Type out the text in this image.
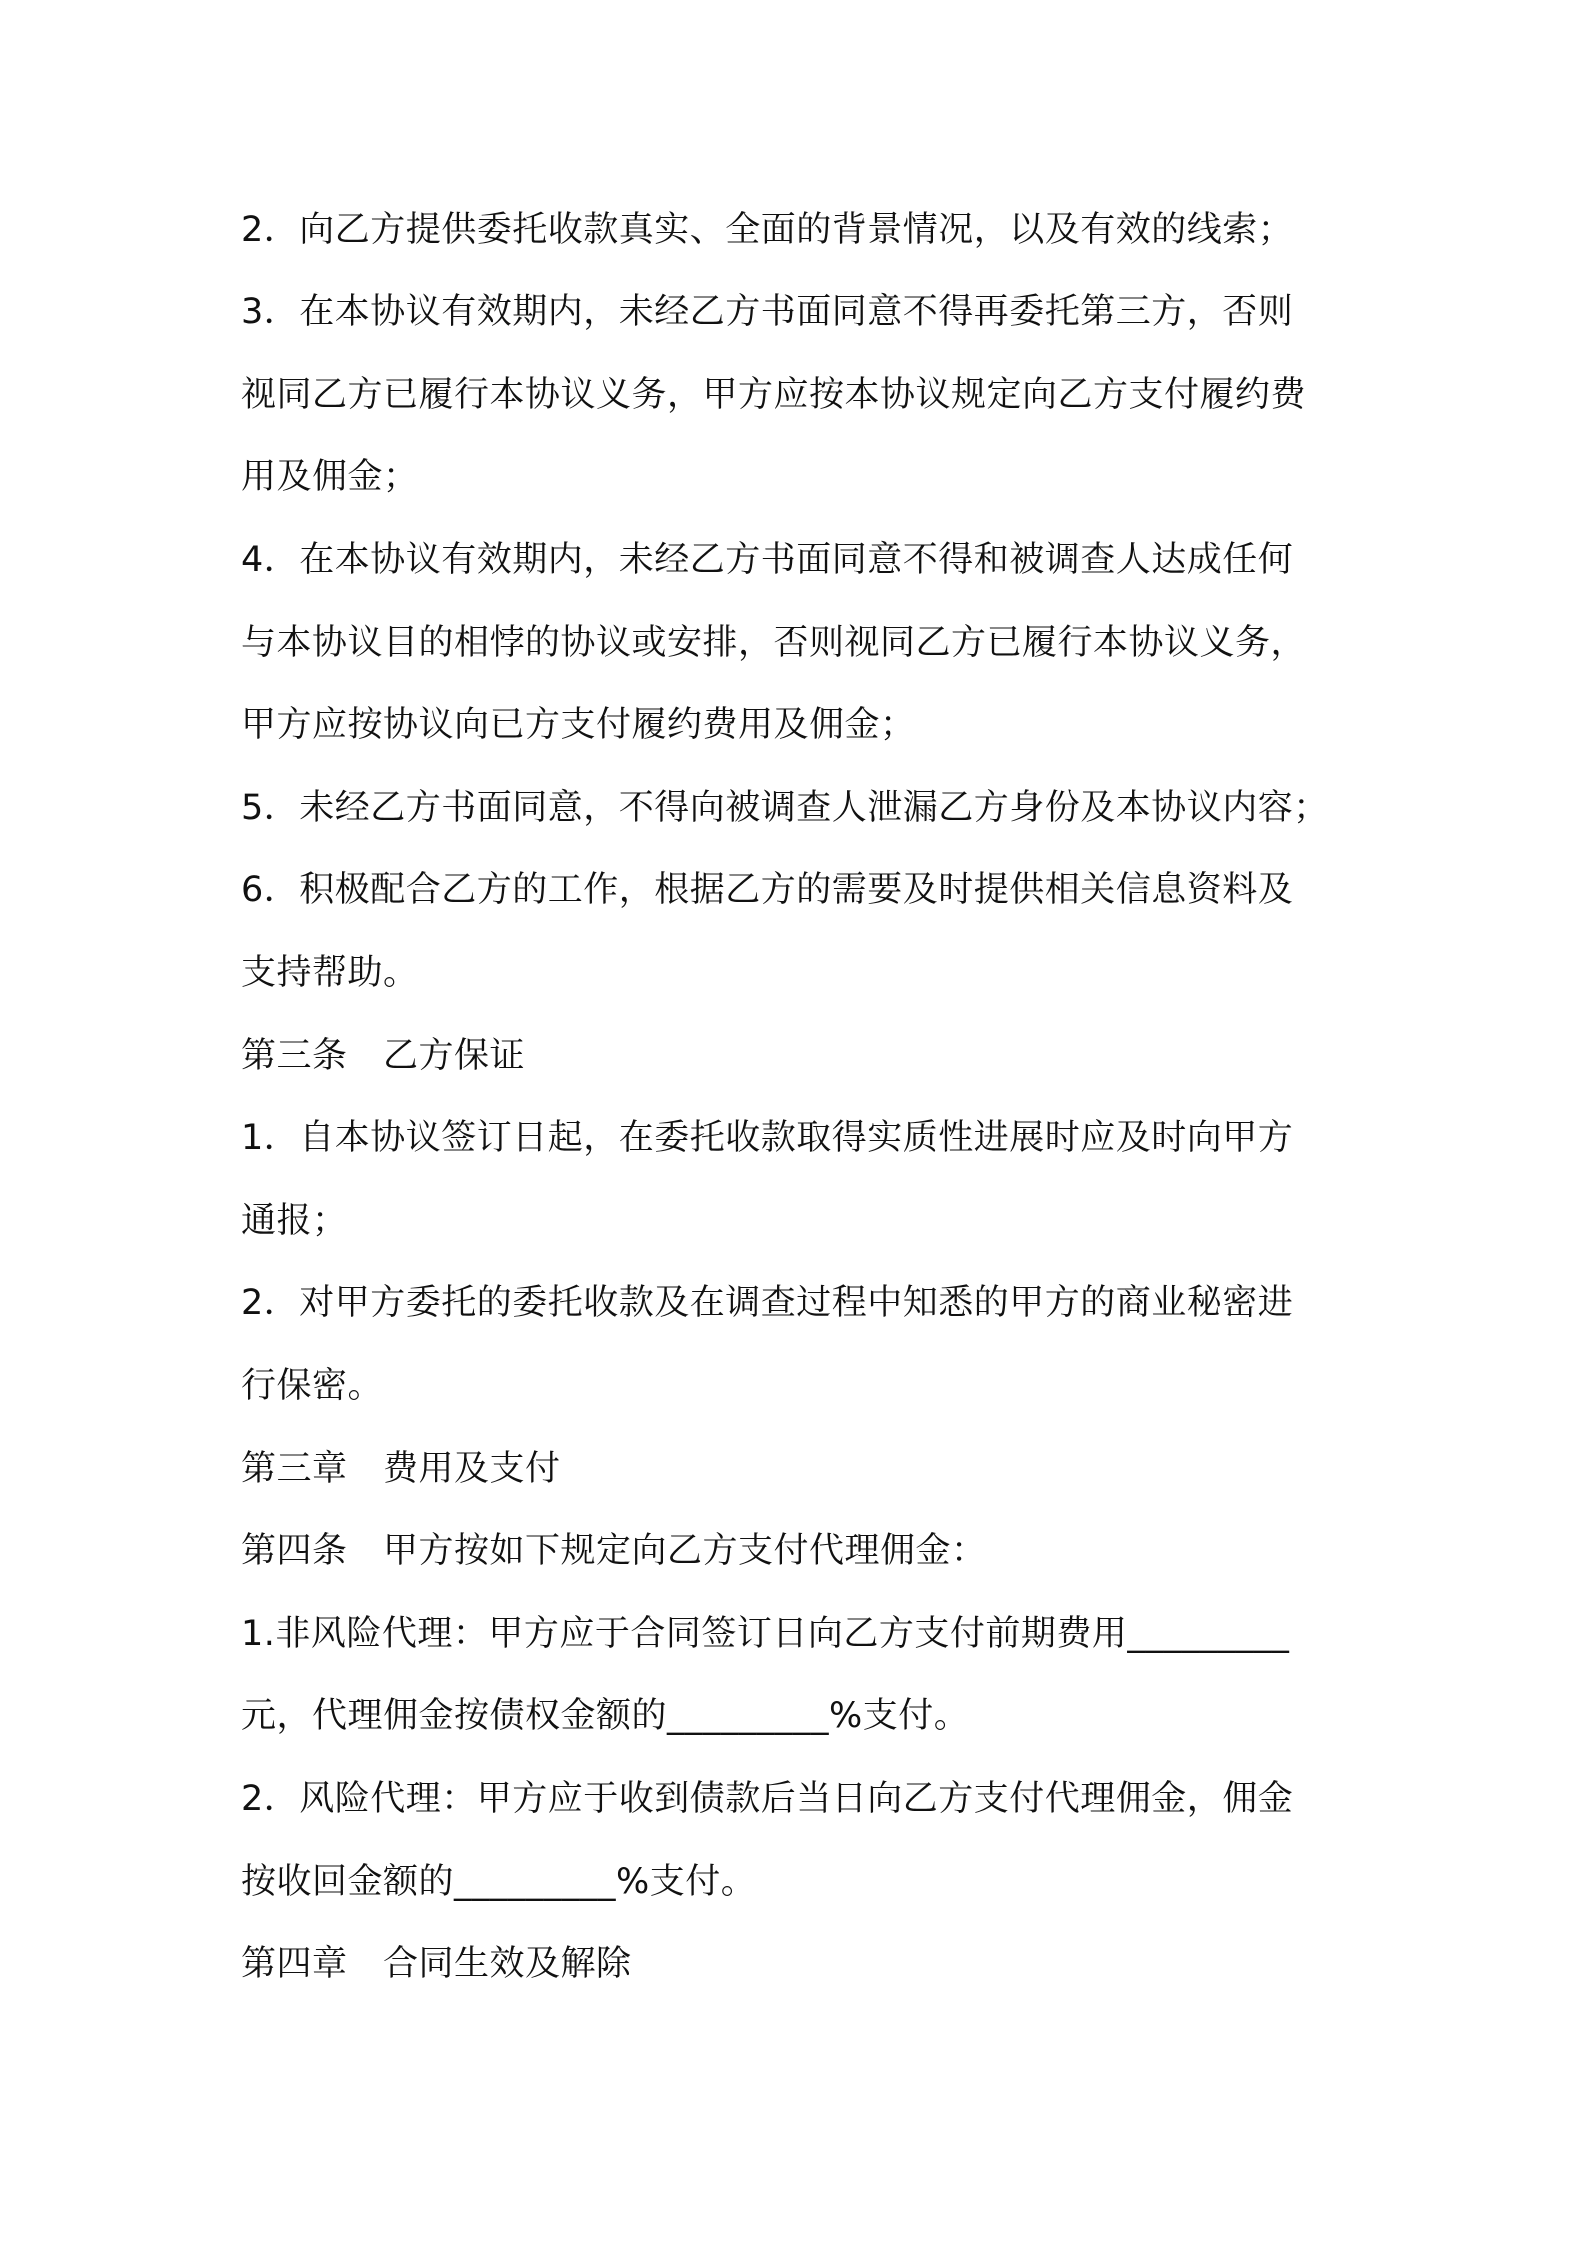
2．向乙方提供委托收款真实、全面的背景情况，以及有效的线索；
3．在本协议有效期内，未经乙方书面同意不得再委托第三方，否则
视同乙方已履行本协议义务，甲方应按本协议规定向乙方支付履约费
用及佣金；
4．在本协议有效期内，未经乙方书面同意不得和被调查人达成任何
与本协议目的相悖的协议或安排，否则视同乙方已履行本协议义务，
甲方应按协议向已方支付履约费用及佣金；
5．未经乙方书面同意，不得向被调查人泄漏乙方身份及本协议内容；
6．积极配合乙方的工作，根据乙方的需要及时提供相关信息资料及
支持帮助。
第三条　乙方保证
1．自本协议签订日起，在委托收款取得实质性进展时应及时向甲方
通报；
2．对甲方委托的委托收款及在调查过程中知悉的甲方的商业秘密进
行保密。
第三章　费用及支付
第四条　甲方按如下规定向乙方支付代理佣金：
1.非风险代理：甲方应于合同签订日向乙方支付前期费用_________
元，代理佣金按债权金额的_________%支付。
2．风险代理：甲方应于收到债款后当日向乙方支付代理佣金，佣金
按收回金额的_________%支付。
第四章　合同生效及解除
